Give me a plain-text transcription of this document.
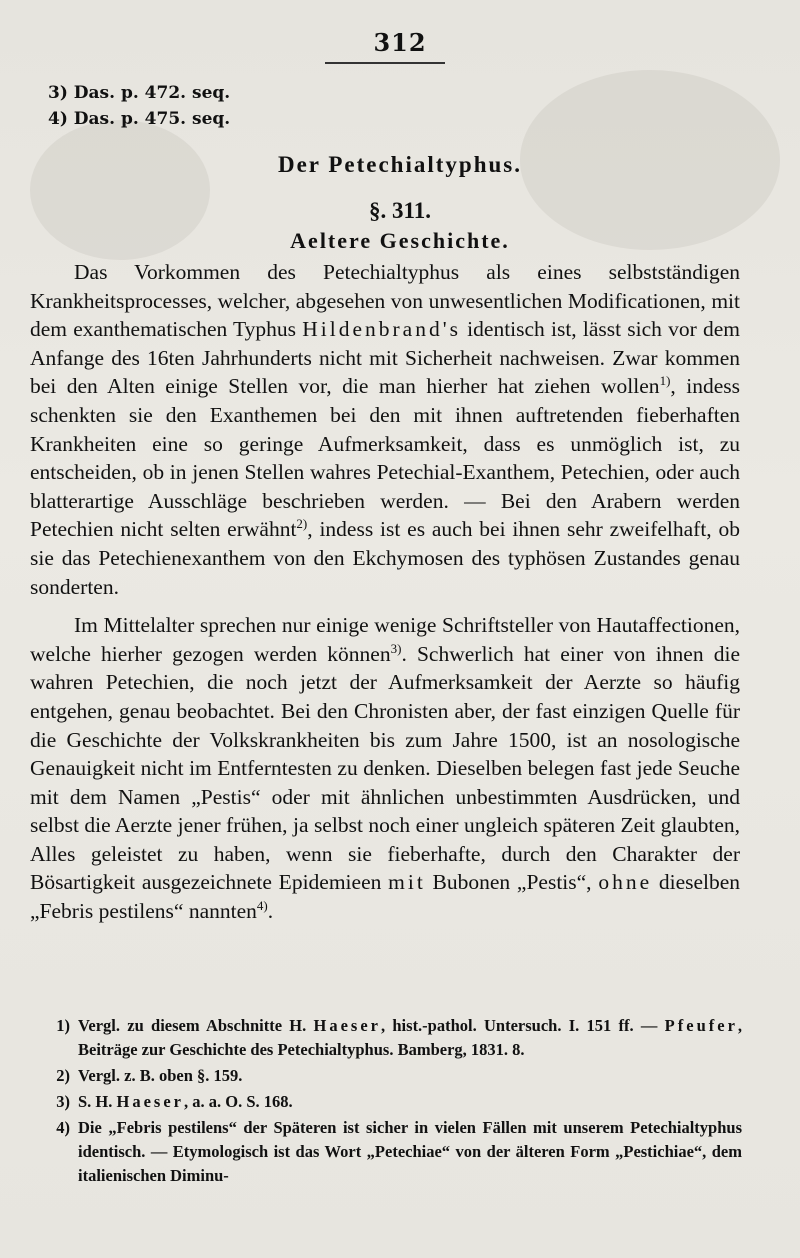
312
3) Das. p. 472. seq.
4) Das. p. 475. seq.
Der Petechialtyphus.
§. 311.
Aeltere Geschichte.

Das Vorkommen des Petechialtyphus als eines selbstständigen Krankheitsprocesses, welcher, abgesehen von unwesentlichen Modificationen, mit dem exanthematischen Typhus Hildenbrand's identisch ist, lässt sich vor dem Anfange des 16ten Jahrhunderts nicht mit Sicherheit nachweisen. Zwar kommen bei den Alten einige Stellen vor, die man hierher hat ziehen wollen$^{1)}$, indess schenkten sie den Exanthemen bei den mit ihnen auftretenden fieberhaften Krankheiten eine so geringe Aufmerksamkeit, dass es unmöglich ist, zu entscheiden, ob in jenen Stellen wahres Petechial-Exanthem, Petechien, oder auch blatterartige Ausschläge beschrieben werden. — Bei den Arabern werden Petechien nicht selten erwähnt$^{2)}$, indess ist es auch bei ihnen sehr zweifelhaft, ob sie das Petechienexanthem von den Ekchymosen des typhösen Zustandes genau sonderten.

Im Mittelalter sprechen nur einige wenige Schriftsteller von Hautaffectionen, welche hierher gezogen werden können$^{3)}$. Schwerlich hat einer von ihnen die wahren Petechien, die noch jetzt der Aufmerksamkeit der Aerzte so häufig entgehen, genau beobachtet. Bei den Chronisten aber, der fast einzigen Quelle für die Geschichte der Volkskrankheiten bis zum Jahre 1500, ist an nosologische Genauigkeit nicht im Entferntesten zu denken. Dieselben belegen fast jede Seuche mit dem Namen „Pestis“ oder mit ähnlichen unbestimmten Ausdrücken, und selbst die Aerzte jener frühen, ja selbst noch einer ungleich späteren Zeit glaubten, Alles geleistet zu haben, wenn sie fieberhafte, durch den Charakter der Bösartigkeit ausgezeichnete Epidemieen mit Bubonen „Pestis“, ohne dieselben „Febris pestilens“ nannten$^{4)}$.

1) Vergl. zu diesem Abschnitte H. Haeser, hist.-pathol. Untersuch. I. 151 ff. — Pfeufer, Beiträge zur Geschichte des Petechialtyphus. Bamberg, 1831. 8.
2) Vergl. z. B. oben §. 159.
3) S. H. Haeser, a. a. O. S. 168.
4) Die „Febris pestilens“ der Späteren ist sicher in vielen Fällen mit unserem Petechialtyphus identisch. — Etymologisch ist das Wort „Petechiae“ von der älteren Form „Pestichiae“, dem italienischen Diminu-
